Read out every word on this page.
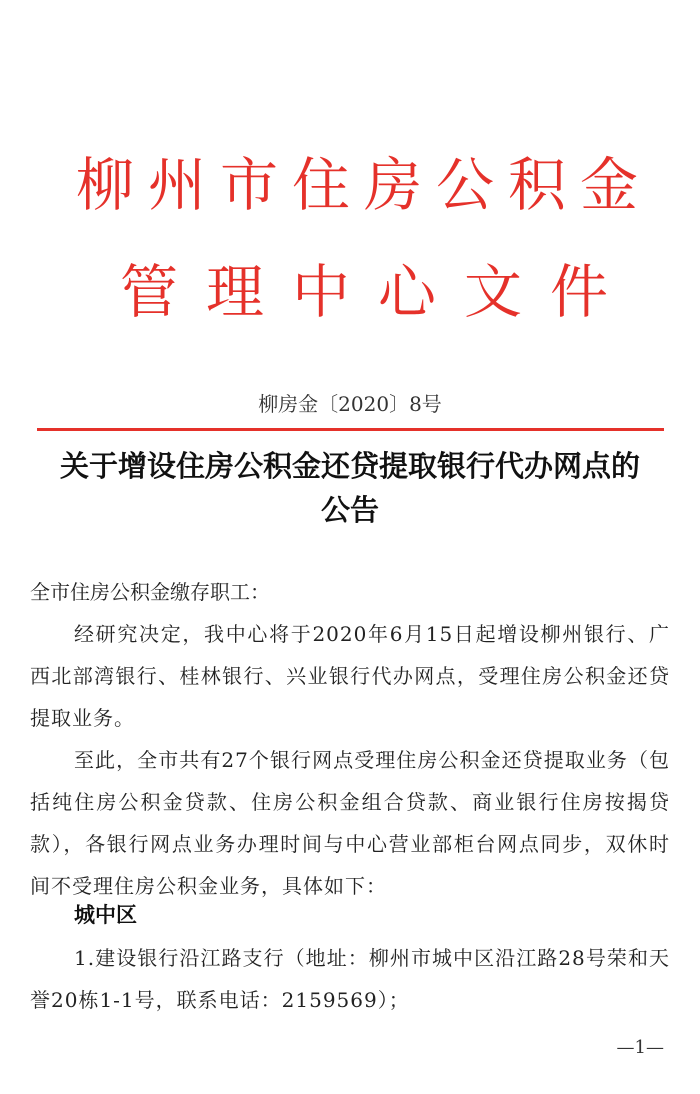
柳州市住房公积金
管理中心文件
柳房金〔2020〕8号
关于增设住房公积金还贷提取银行代办网点的
公告
全市住房公积金缴存职工：
经研究决定，我中心将于2020年6月15日起增设柳州银行、广西北部湾银行、桂林银行、兴业银行代办网点，受理住房公积金还贷提取业务。
至此，全市共有27个银行网点受理住房公积金还贷提取业务（包括纯住房公积金贷款、住房公积金组合贷款、商业银行住房按揭贷款），各银行网点业务办理时间与中心营业部柜台网点同步，双休时间不受理住房公积金业务，具体如下：
城中区
1.建设银行沿江路支行（地址：柳州市城中区沿江路28号荣和天誉20栋1-1号，联系电话：2159569）；
—1—
